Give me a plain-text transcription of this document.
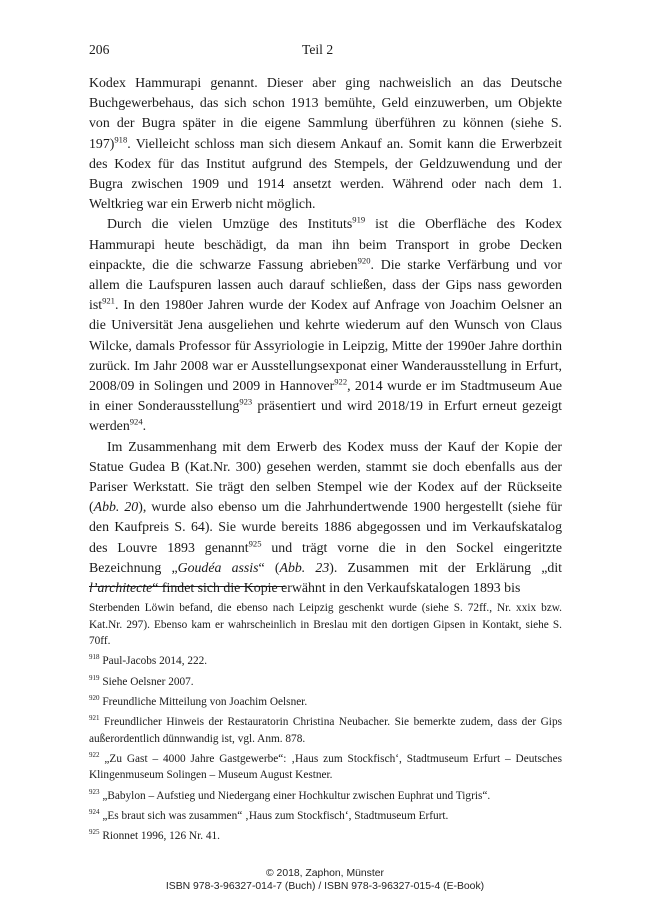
206	Teil 2

Kodex Hammurapi genannt. Dieser aber ging nachweislich an das Deutsche Buchgewerbehaus, das sich schon 1913 bemühte, Geld einzuwerben, um Objekte von der Bugra später in die eigene Sammlung überführen zu können (siehe S. 197)$^{918}$. Vielleicht schloss man sich diesem Ankauf an. Somit kann die Erwerbzeit des Kodex für das Institut aufgrund des Stempels, der Geldzuwendung und der Bugra zwischen 1909 und 1914 ansetzt werden. Während oder nach dem 1. Weltkrieg war ein Erwerb nicht möglich.

Durch die vielen Umzüge des Instituts$^{919}$ ist die Oberfläche des Kodex Hammurapi heute beschädigt, da man ihn beim Transport in grobe Decken einpackte, die die schwarze Fassung abrieben$^{920}$. Die starke Verfärbung und vor allem die Laufspuren lassen auch darauf schließen, dass der Gips nass geworden ist$^{921}$. In den 1980er Jahren wurde der Kodex auf Anfrage von Joachim Oelsner an die Universität Jena ausgeliehen und kehrte wiederum auf den Wunsch von Claus Wilcke, damals Professor für Assyriologie in Leipzig, Mitte der 1990er Jahre dorthin zurück. Im Jahr 2008 war er Ausstellungsexponat einer Wanderausstellung in Erfurt, 2008/09 in Solingen und 2009 in Hannover$^{922}$, 2014 wurde er im Stadtmuseum Aue in einer Sonderausstellung$^{923}$ präsentiert und wird 2018/19 in Erfurt erneut gezeigt werden$^{924}$.

Im Zusammenhang mit dem Erwerb des Kodex muss der Kauf der Kopie der Statue Gudea B (Kat.Nr. 300) gesehen werden, stammt sie doch ebenfalls aus der Pariser Werkstatt. Sie trägt den selben Stempel wie der Kodex auf der Rückseite (Abb. 20), wurde also ebenso um die Jahrhundertwende 1900 hergestellt (siehe für den Kaufpreis S. 64). Sie wurde bereits 1886 abgegossen und im Verkaufskatalog des Louvre 1893 genannt$^{925}$ und trägt vorne die in den Sockel eingeritzte Bezeichnung „Goudéa assis“ (Abb. 23). Zusammen mit der Erklärung „dit l’architecte“ findet sich die Kopie erwähnt in den Verkaufskatalogen 1893 bis

Sterbenden Löwin befand, die ebenso nach Leipzig geschenkt wurde (siehe S. 72ff., Nr. xxix bzw. Kat.Nr. 297). Ebenso kam er wahrscheinlich in Breslau mit den dortigen Gipsen in Kontakt, siehe S. 70ff.

$^{918}$ Paul-Jacobs 2014, 222.

$^{919}$ Siehe Oelsner 2007.

$^{920}$ Freundliche Mitteilung von Joachim Oelsner.

$^{921}$ Freundlicher Hinweis der Restauratorin Christina Neubacher. Sie bemerkte zudem, dass der Gips außerordentlich dünnwandig ist, vgl. Anm. 878.

$^{922}$ „Zu Gast – 4000 Jahre Gastgewerbe“: ‚Haus zum Stockfisch‘, Stadtmuseum Erfurt – Deutsches Klingenmuseum Solingen – Museum August Kestner.

$^{923}$ „Babylon – Aufstieg und Niedergang einer Hochkultur zwischen Euphrat und Tigris“.

$^{924}$ „Es braut sich was zusammen“ ‚Haus zum Stockfisch‘, Stadtmuseum Erfurt.

$^{925}$ Rionnet 1996, 126 Nr. 41.

© 2018, Zaphon, Münster
ISBN 978-3-96327-014-7 (Buch) / ISBN 978-3-96327-015-4 (E-Book)
